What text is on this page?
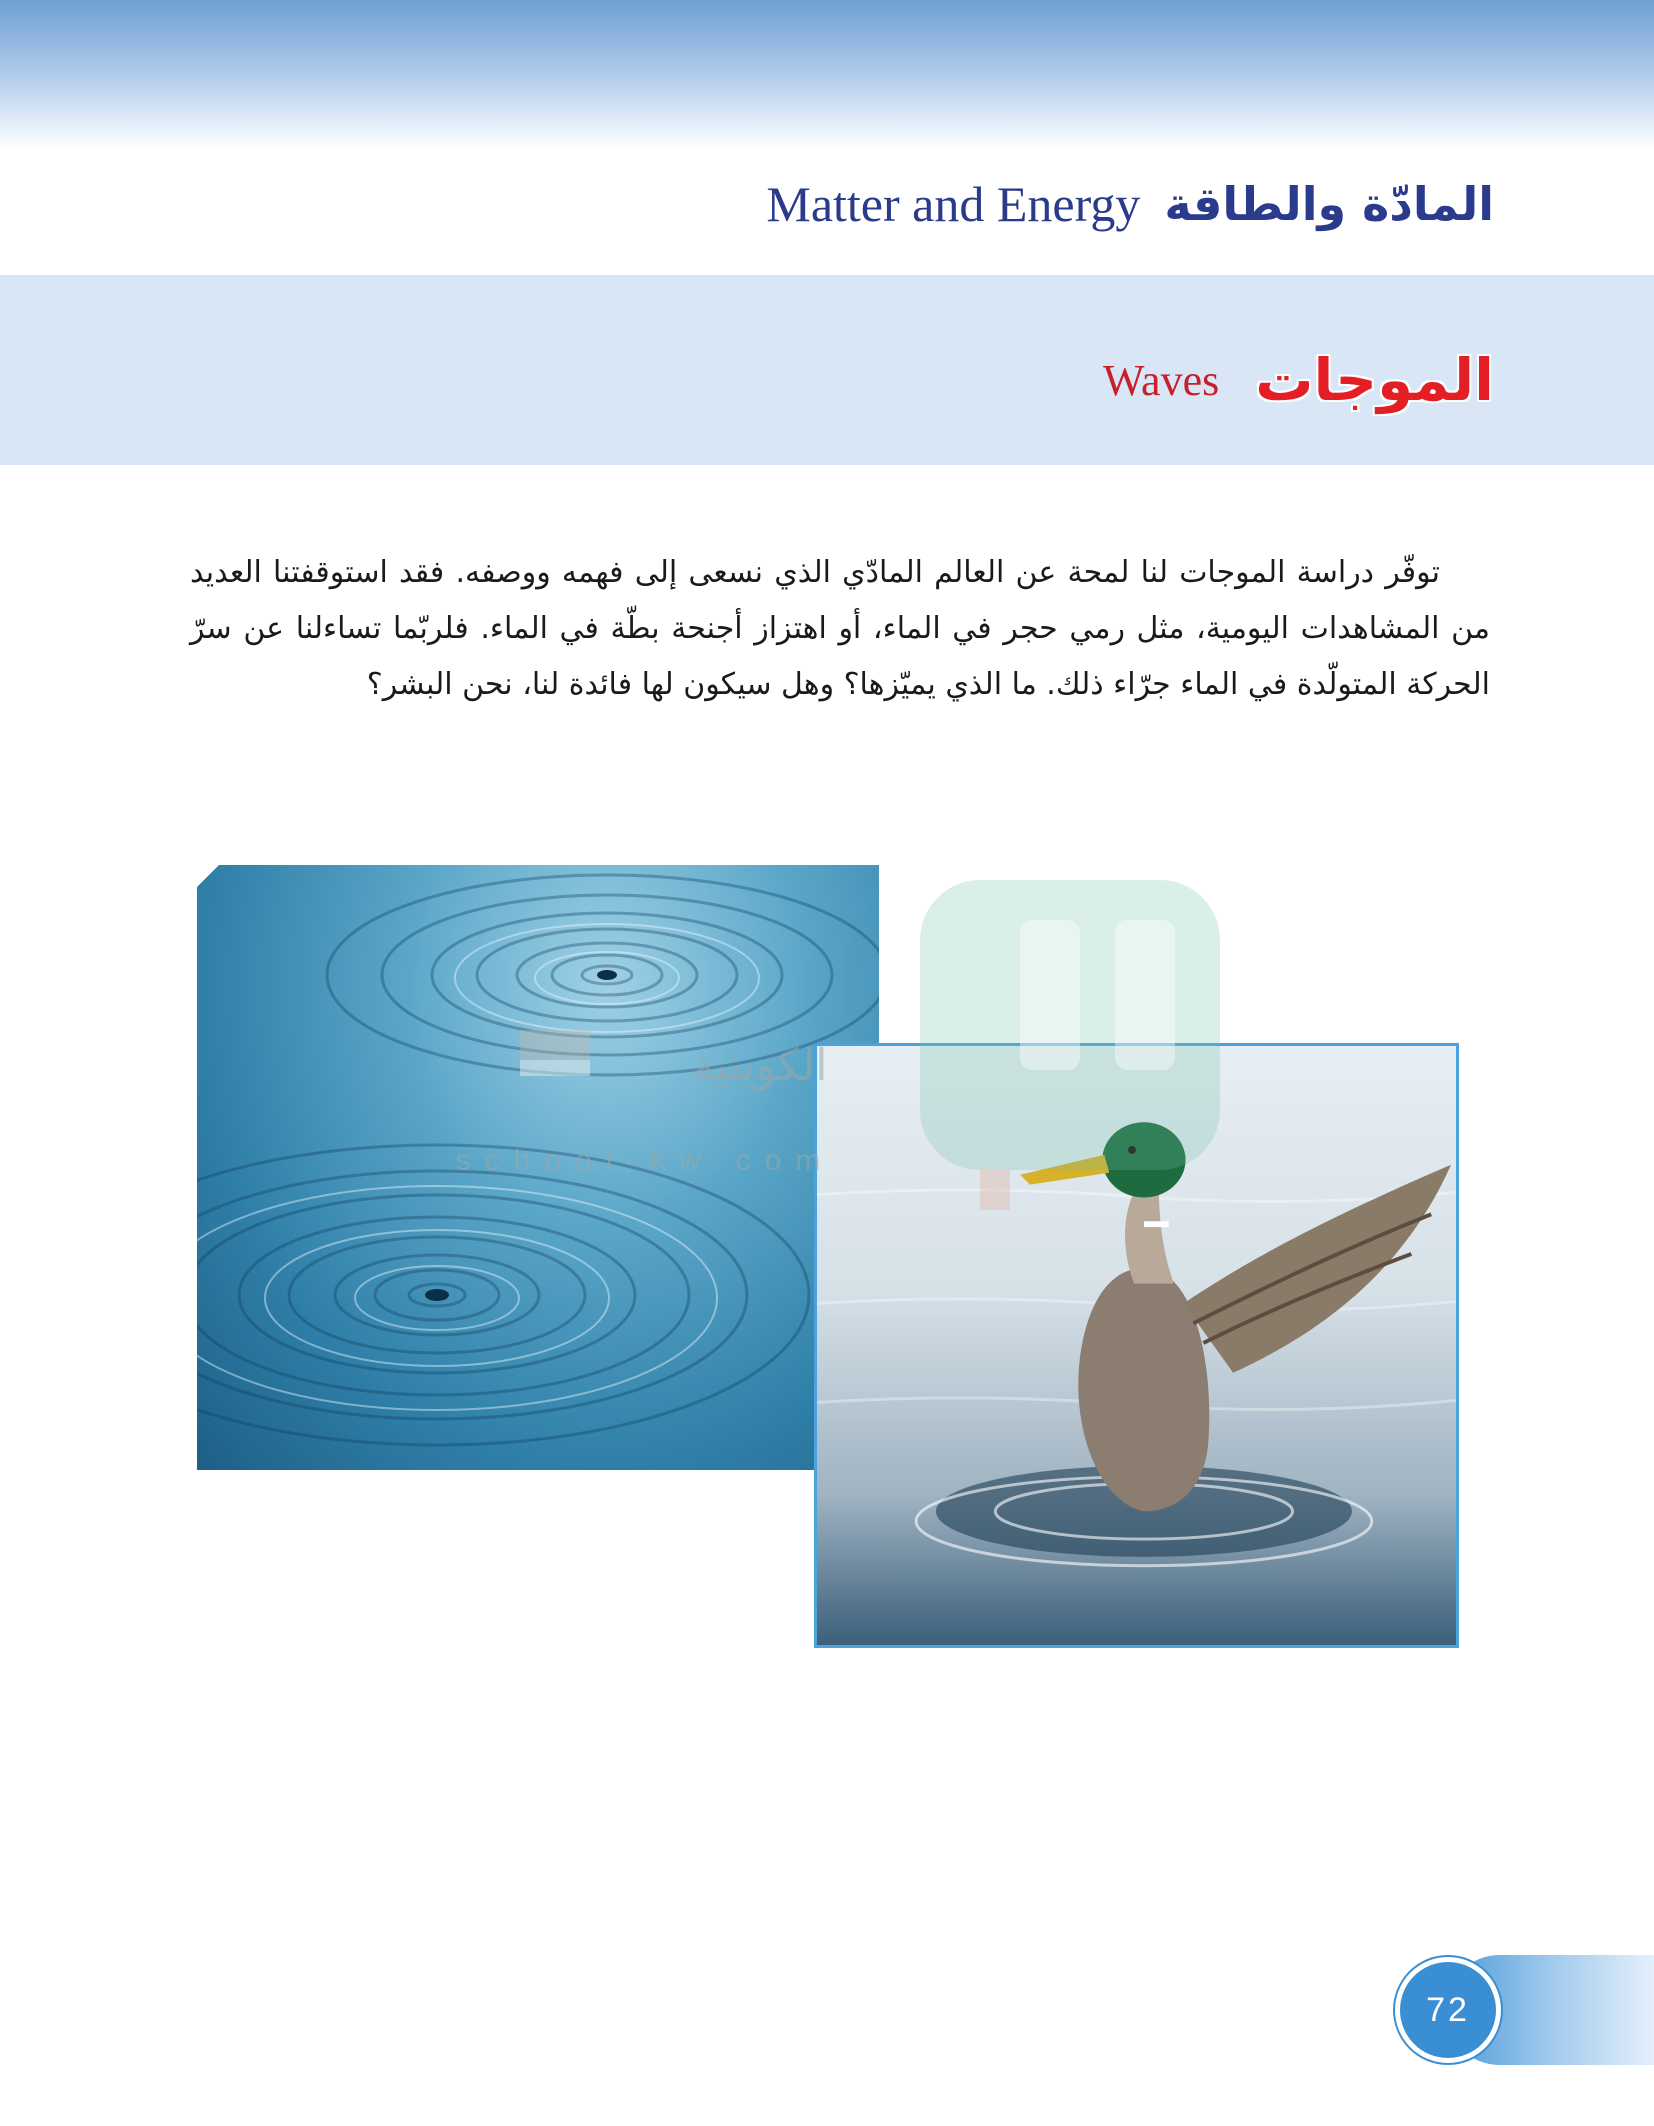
المادّة والطاقة
Matter and Energy
الموجات
Waves

توفّر دراسة الموجات لنا لمحة عن العالم المادّي الذي نسعى إلى فهمه ووصفه. فقد استوقفتنا العديد من المشاهدات اليومية، مثل رمي حجر في الماء، أو اهتزاز أجنحة بطّة في الماء. فلربّما تساءلنا عن سرّ الحركة المتولّدة في الماء جرّاء ذلك. ما الذي يميّزها؟ وهل سيكون لها فائدة لنا، نحن البشر؟

الكويتية
school-kw.com
72
